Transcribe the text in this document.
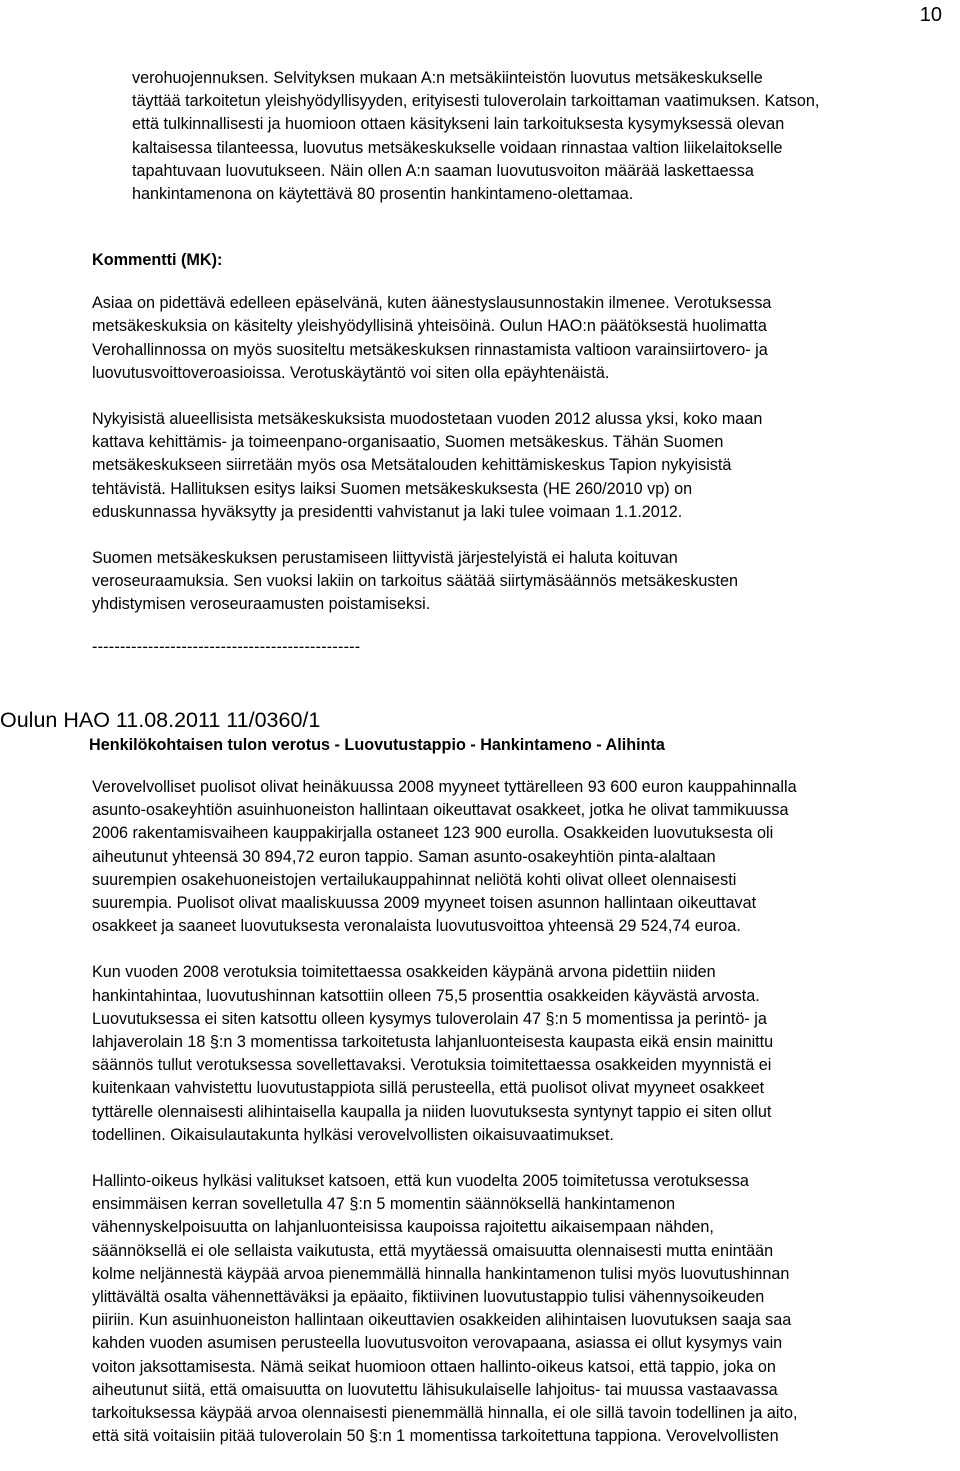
10

verohuojennuksen. Selvityksen mukaan A:n metsäkiinteistön luovutus metsäkeskukselle
täyttää tarkoitetun yleishyödyllisyyden, erityisesti tuloverolain tarkoittaman vaatimuksen. Katson,
että tulkinnallisesti ja huomioon ottaen käsitykseni lain tarkoituksesta kysymyksessä olevan
kaltaisessa tilanteessa, luovutus metsäkeskukselle voidaan rinnastaa valtion liikelaitokselle
tapahtuvaan luovutukseen. Näin ollen A:n saaman luovutusvoiton määrää laskettaessa
hankintamenona on käytettävä 80 prosentin hankintameno-olettamaa.

Kommentti (MK):

Asiaa on pidettävä edelleen epäselvänä, kuten äänestyslausunnostakin ilmenee. Verotuksessa
metsäkeskuksia on käsitelty yleishyödyllisinä yhteisöinä. Oulun HAO:n päätöksestä huolimatta
Verohallinnossa on myös suositeltu metsäkeskuksen rinnastamista valtioon varainsiirtovero- ja
luovutusvoittoveroasioissa. Verotuskäytäntö voi siten olla epäyhtenäistä.

Nykyisistä alueellisista metsäkeskuksista muodostetaan vuoden 2012 alussa yksi, koko maan
kattava kehittämis- ja toimeenpano-organisaatio, Suomen metsäkeskus. Tähän Suomen
metsäkeskukseen siirretään myös osa Metsätalouden kehittämiskeskus Tapion nykyisistä
tehtävistä. Hallituksen esitys laiksi Suomen metsäkeskuksesta (HE 260/2010 vp) on
eduskunnassa hyväksytty ja presidentti vahvistanut ja laki tulee voimaan 1.1.2012.

Suomen metsäkeskuksen perustamiseen liittyvistä järjestelyistä ei haluta koituvan
veroseuraamuksia. Sen vuoksi lakiin on tarkoitus säätää siirtymäsäännös metsäkeskusten
yhdistymisen veroseuraamusten poistamiseksi.

------------------------------------------------
Oulun HAO 11.08.2011 11/0360/1
Henkilökohtaisen tulon verotus - Luovutustappio - Hankintameno - Alihinta

Verovelvolliset puolisot olivat heinäkuussa 2008 myyneet tyttärelleen 93 600 euron kauppahinnalla
asunto-osakeyhtiön asuinhuoneiston hallintaan oikeuttavat osakkeet, jotka he olivat tammikuussa
2006 rakentamisvaiheen kauppakirjalla ostaneet 123 900 eurolla. Osakkeiden luovutuksesta oli
aiheutunut yhteensä 30 894,72 euron tappio. Saman asunto-osakeyhtiön pinta-alaltaan
suurempien osakehuoneistojen vertailukauppahinnat neliötä kohti olivat olleet olennaisesti
suurempia. Puolisot olivat maaliskuussa 2009 myyneet toisen asunnon hallintaan oikeuttavat
osakkeet ja saaneet luovutuksesta veronalaista luovutusvoittoa yhteensä 29 524,74 euroa.

Kun vuoden 2008 verotuksia toimitettaessa osakkeiden käypänä arvona pidettiin niiden
hankintahintaa, luovutushinnan katsottiin olleen 75,5 prosenttia osakkeiden käyvästä arvosta.
Luovutuksessa ei siten katsottu olleen kysymys tuloverolain 47 §:n 5 momentissa ja perintö- ja
lahjaverolain 18 §:n 3 momentissa tarkoitetusta lahjanluonteisesta kaupasta eikä ensin mainittu
säännös tullut verotuksessa sovellettavaksi. Verotuksia toimitettaessa osakkeiden myynnistä ei
kuitenkaan vahvistettu luovutustappiota sillä perusteella, että puolisot olivat myyneet osakkeet
tyttärelle olennaisesti alihintaisella kaupalla ja niiden luovutuksesta syntynyt tappio ei siten ollut
todellinen. Oikaisulautakunta hylkäsi verovelvollisten oikaisuvaatimukset.

Hallinto-oikeus hylkäsi valitukset katsoen, että kun vuodelta 2005 toimitetussa verotuksessa
ensimmäisen kerran sovelletulla 47 §:n 5 momentin säännöksellä hankintamenon
vähennyskelpoisuutta on lahjanluonteisissa kaupoissa rajoitettu aikaisempaan nähden,
säännöksellä ei ole sellaista vaikutusta, että myytäessä omaisuutta olennaisesti mutta enintään
kolme neljännestä käypää arvoa pienemmällä hinnalla hankintamenon tulisi myös luovutushinnan
ylittävältä osalta vähennettäväksi ja epäaito, fiktiivinen luovutustappio tulisi vähennysoikeuden
piiriin. Kun asuinhuoneiston hallintaan oikeuttavien osakkeiden alihintaisen luovutuksen saaja saa
kahden vuoden asumisen perusteella luovutusvoiton verovapaana, asiassa ei ollut kysymys vain
voiton jaksottamisesta. Nämä seikat huomioon ottaen hallinto-oikeus katsoi, että tappio, joka on
aiheutunut siitä, että omaisuutta on luovutettu lähisukulaiselle lahjoitus- tai muussa vastaavassa
tarkoituksessa käypää arvoa olennaisesti pienemmällä hinnalla, ei ole sillä tavoin todellinen ja aito,
että sitä voitaisiin pitää tuloverolain 50 §:n 1 momentissa tarkoitettuna tappiona. Verovelvollisten
